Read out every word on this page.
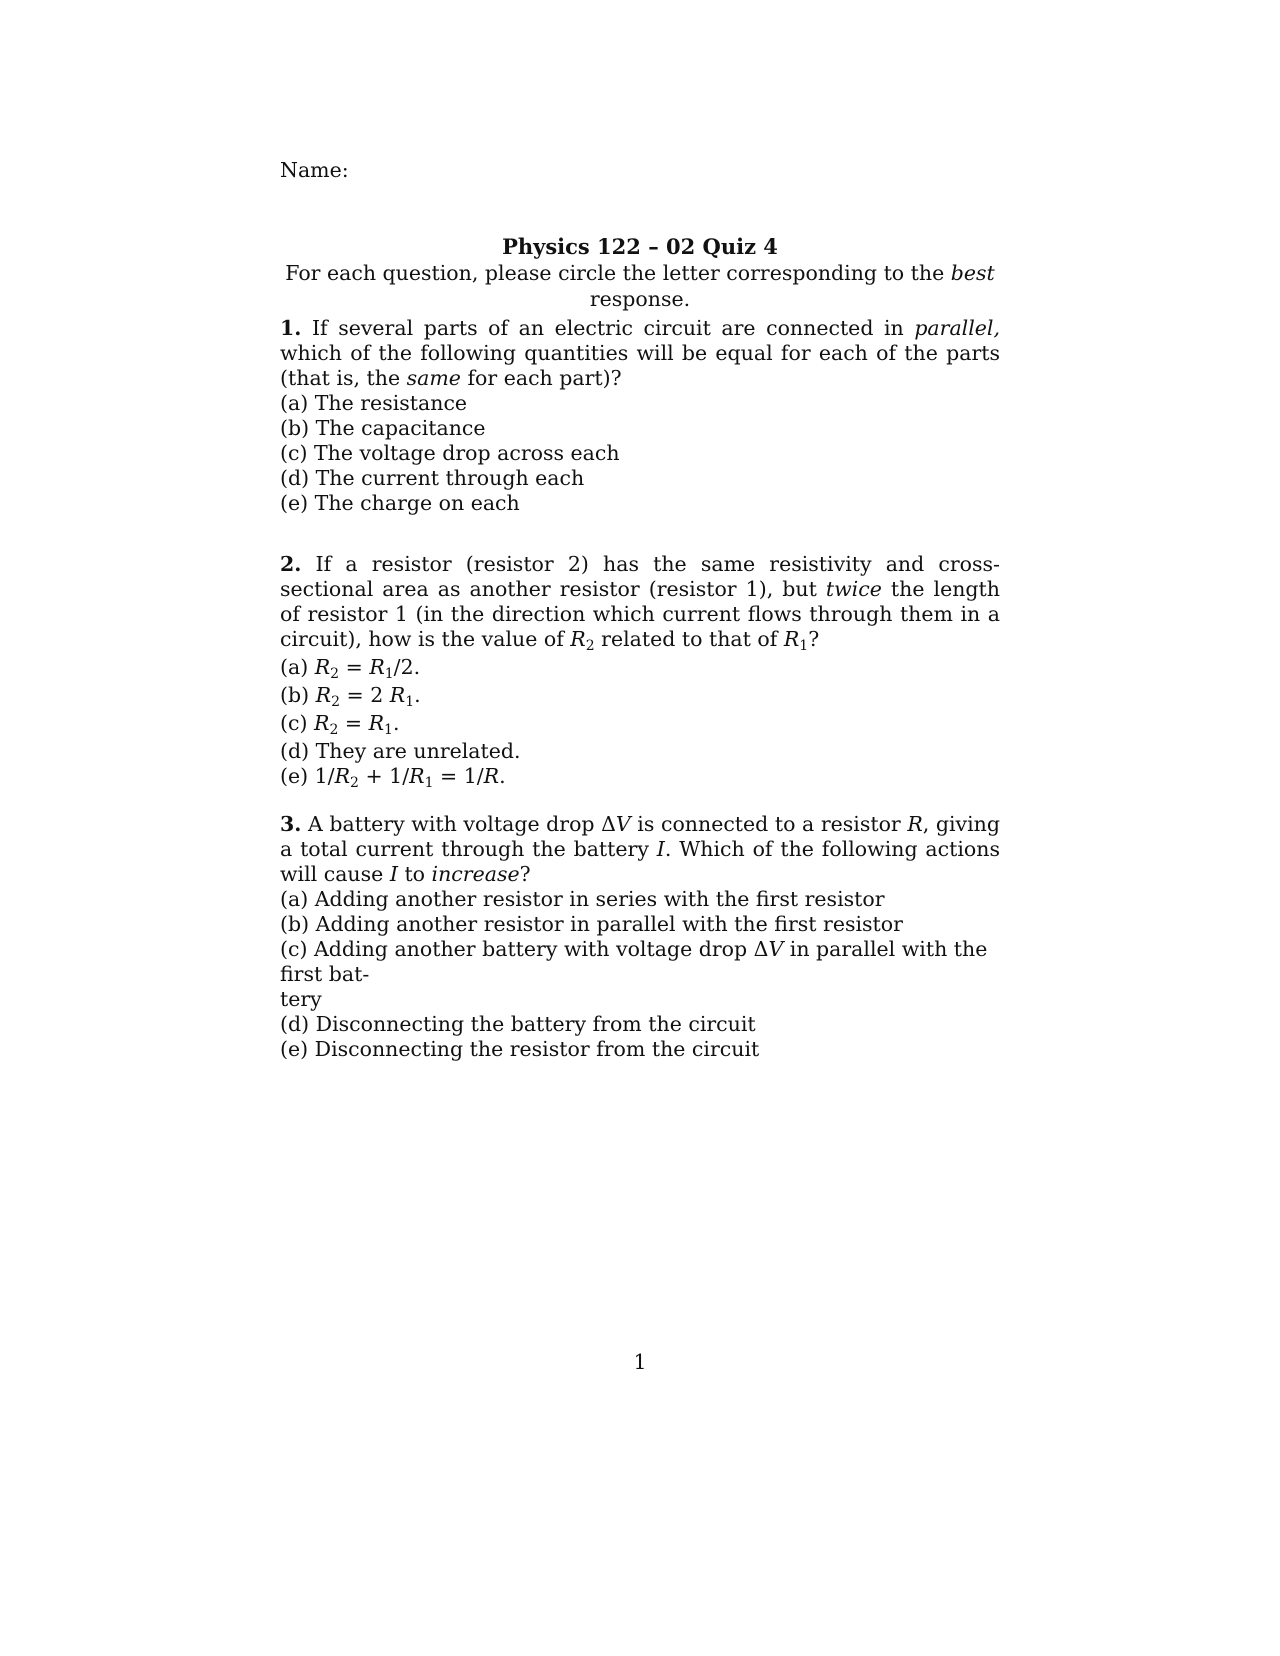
Name:
Physics 122 – 02 Quiz 4
For each question, please circle the letter corresponding to the best response.

1. If several parts of an electric circuit are connected in parallel, which of the following quantities will be equal for each of the parts (that is, the same for each part)?

(a) The resistance

(b) The capacitance

(c) The voltage drop across each

(d) The current through each

(e) The charge on each

2. If a resistor (resistor 2) has the same resistivity and cross-sectional area as another resistor (resistor 1), but twice the length of resistor 1 (in the direction which current flows through them in a circuit), how is the value of R2 related to that of R1?

(a) R2 = R1/2.

(b) R2 = 2 R1.

(c) R2 = R1.

(d) They are unrelated.

(e) 1/R2 + 1/R1 = 1/R.

3. A battery with voltage drop ΔV is connected to a resistor R, giving a total current through the battery I. Which of the following actions will cause I to increase?

(a) Adding another resistor in series with the first resistor

(b) Adding another resistor in parallel with the first resistor

(c) Adding another battery with voltage drop ΔV in parallel with the first bat-
tery

(d) Disconnecting the battery from the circuit

(e) Disconnecting the resistor from the circuit

1
